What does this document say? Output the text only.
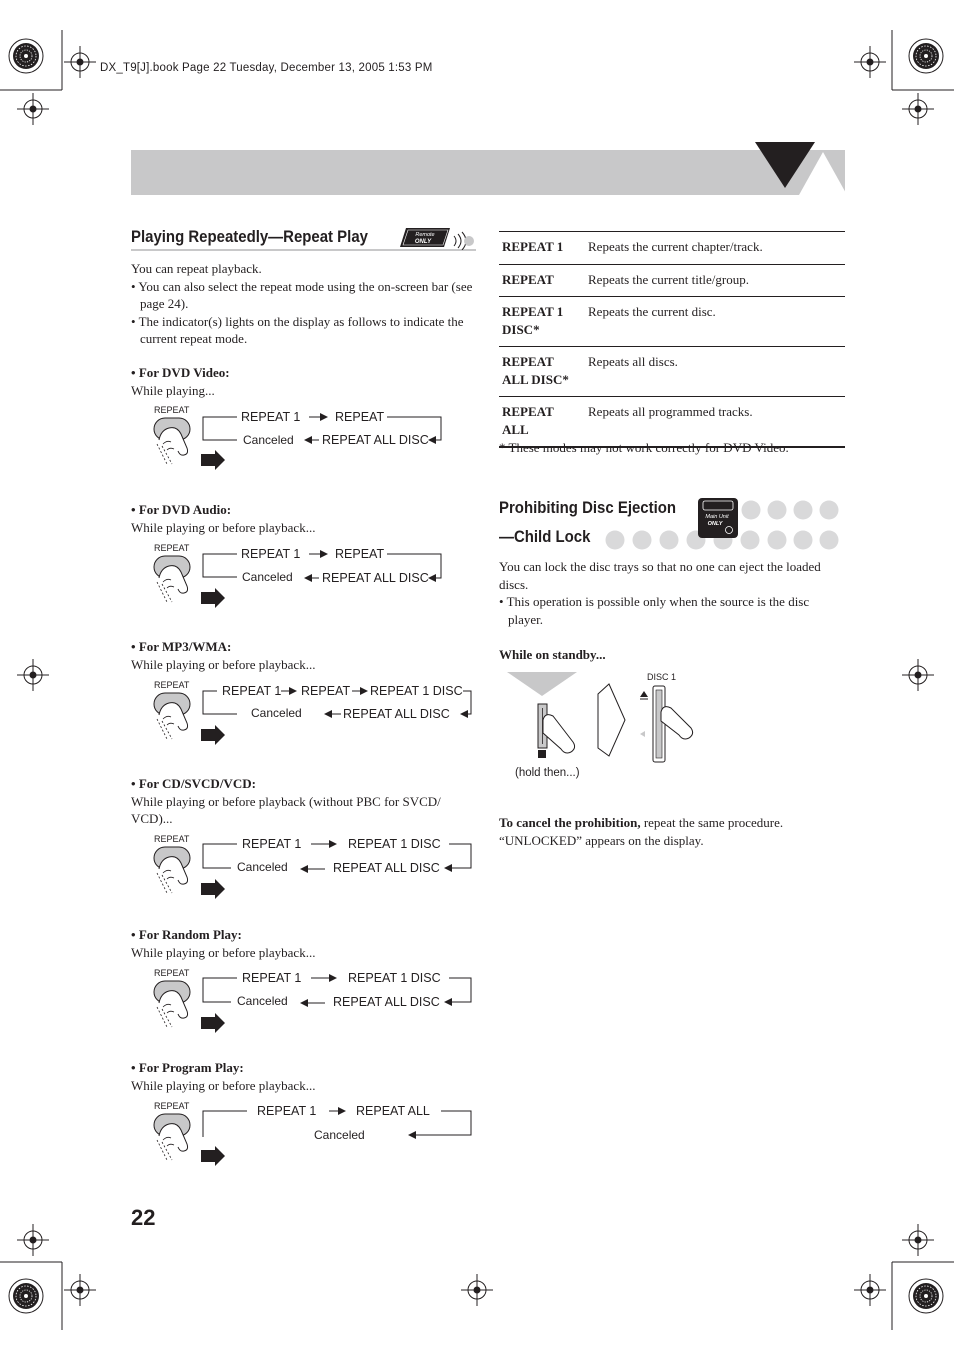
DX_T9[J].book Page 22 Tuesday, December 13, 2005 1:53 PM
Playing Repeatedly—Repeat Play	Remote
ONLY

You can repeat playback.

• You can also select the repeat mode using the on-screen bar (see page 24).

• The indicator(s) lights on the display as follows to indicate the current repeat mode.

• For DVD Video:

While playing...

REPEAT	REPEAT 1	REPEAT
REPEAT ALL DISC
Canceled

• For DVD Audio:

While playing or before playback...

REPEAT	REPEAT 1	REPEAT
REPEAT ALL DISC
Canceled

• For MP3/WMA:

While playing or before playback...

REPEAT	REPEAT 1 REPEAT REPEAT 1 DISC
REPEAT ALL DISC
Canceled

• For CD/SVCD/VCD:

While playing or before playback (without PBC for SVCD/ VCD)...

REPEAT	REPEAT 1	REPEAT 1 DISC
REPEAT ALL DISC
Canceled

• For Random Play:

While playing or before playback...

REPEAT	REPEAT 1	REPEAT 1 DISC
REPEAT ALL DISC
Canceled

• For Program Play:

While playing or before playback...

REPEAT	REPEAT 1	REPEAT ALL
Canceled
REPEAT 1	Repeats the current chapter/track.
REPEAT	Repeats the current title/group.
REPEAT 1 DISC*	Repeats the current disc.
REPEAT ALL DISC*	Repeats all discs.
REPEAT ALL	Repeats all programmed tracks.
* These modes may not work correctly for DVD Video.
Prohibiting Disc Ejection
—Child Lock
Main Unit
ONLY

You can lock the disc trays so that no one can eject the loaded discs.

• This operation is possible only when the source is the disc player.

While on standby...

DISC 1
(hold then...)

To cancel the prohibition, repeat the same procedure. “UNLOCKED” appears on the display.

22
